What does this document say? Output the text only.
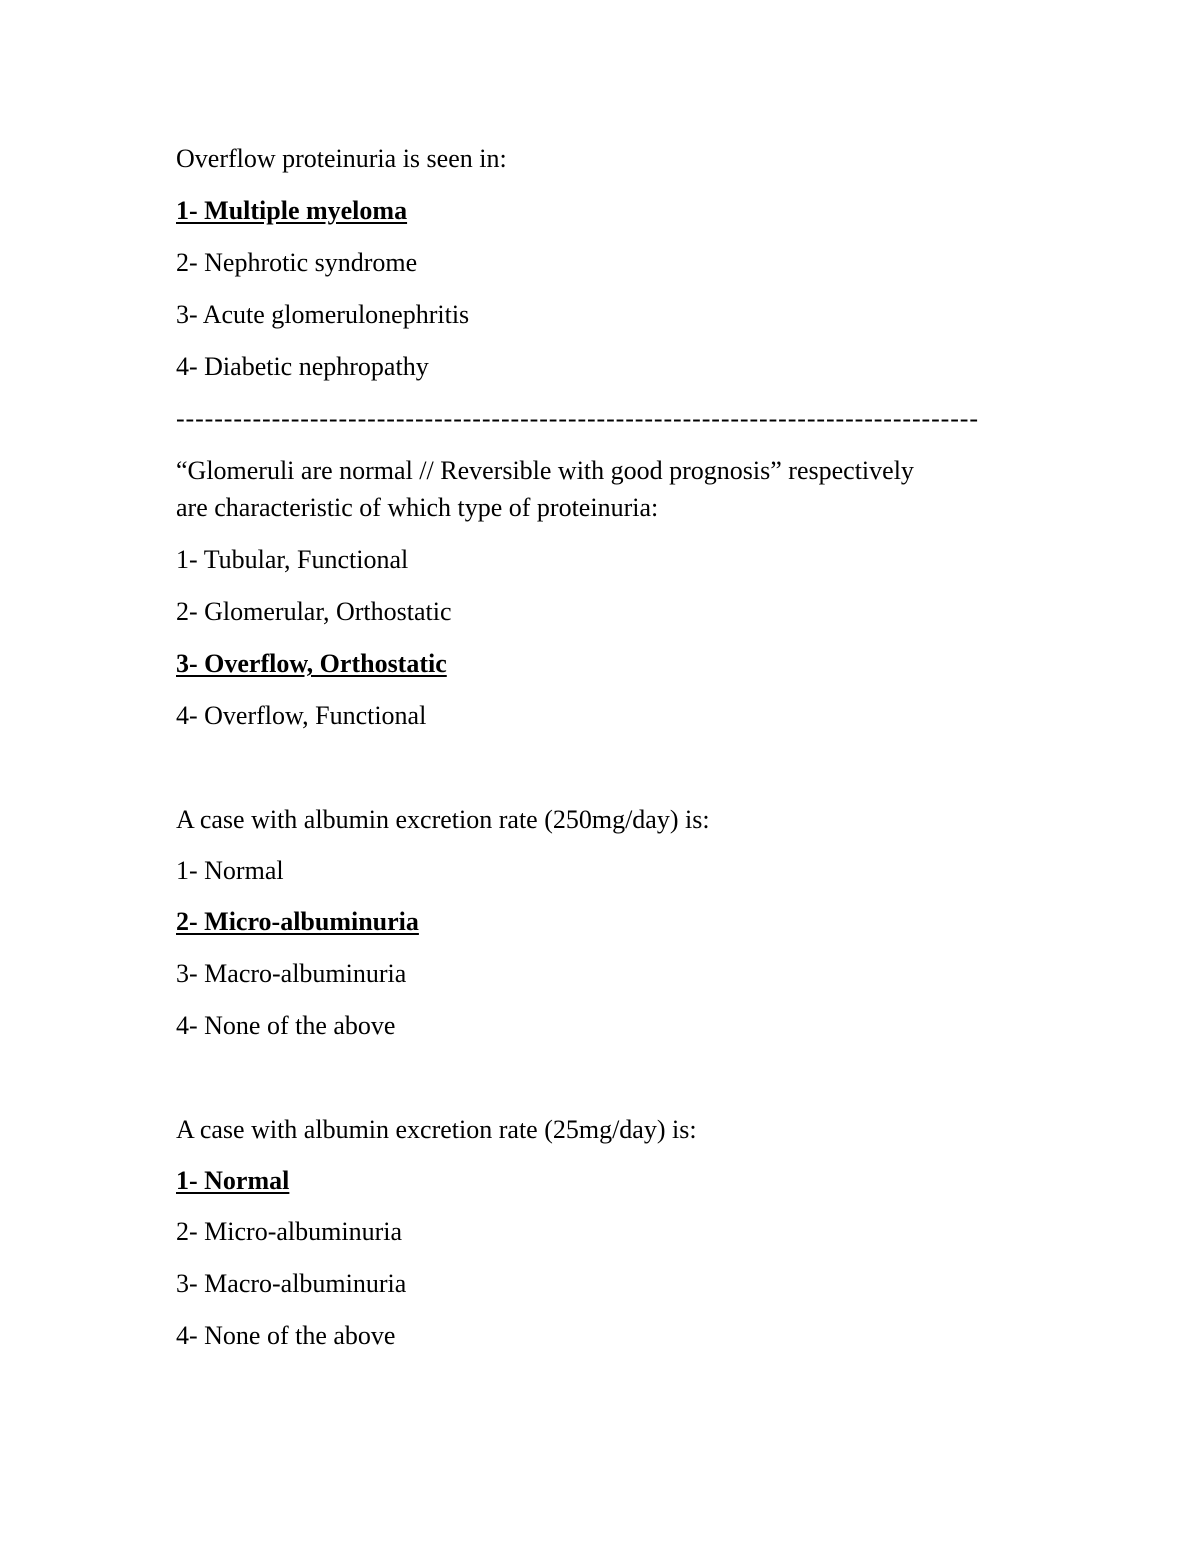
Overflow proteinuria is seen in:
1- Multiple myeloma
2- Nephrotic syndrome
3- Acute glomerulonephritis
4- Diabetic nephropathy
------------------------------------------------------------------------------------
“Glomeruli are normal // Reversible with good prognosis” respectively
are characteristic of which type of proteinuria:
1- Tubular, Functional
2- Glomerular, Orthostatic
3- Overflow, Orthostatic
4- Overflow, Functional
A case with albumin excretion rate (250mg/day) is:
1- Normal
2- Micro-albuminuria
3- Macro-albuminuria
4- None of the above
A case with albumin excretion rate (25mg/day) is:
1- Normal
2- Micro-albuminuria
3- Macro-albuminuria
4- None of the above
